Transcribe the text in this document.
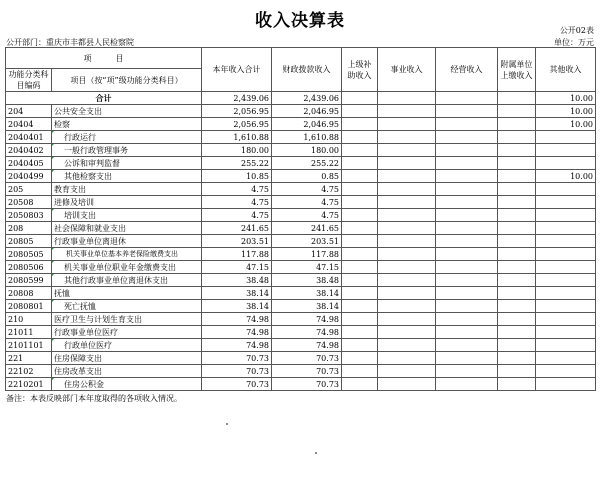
收入决算表	公开02表
公开部门：重庆市丰都县人民检察院	单位：万元
项　　　目		本年收入合计	财政拨款收入	上级补助收入	事业收入	经营收入	附属单位上缴收入	其他收入
功能分类科目编码	项目（按“项”级功能分类科目）							
合计		2,439.06	2,439.06					10.00
204	公共安全支出	2,056.95	2,046.95					10.00
20404	检察	2,056.95	2,046.95					10.00
2040401	行政运行	1,610.88	1,610.88					
2040402	一般行政管理事务	180.00	180.00					
2040405	公诉和审判监督	255.22	255.22					
2040499	其他检察支出	10.85	0.85					10.00
205	教育支出	4.75	4.75					
20508	进修及培训	4.75	4.75					
2050803	培训支出	4.75	4.75					
208	社会保障和就业支出	241.65	241.65					
20805	行政事业单位离退休	203.51	203.51					
2080505	机关事业单位基本养老保险缴费支出	117.88	117.88					
2080506	机关事业单位职业年金缴费支出	47.15	47.15					
2080599	其他行政事业单位离退休支出	38.48	38.48					
20808	抚恤	38.14	38.14					
2080801	死亡抚恤	38.14	38.14					
210	医疗卫生与计划生育支出	74.98	74.98					
21011	行政事业单位医疗	74.98	74.98					
2101101	行政单位医疗	74.98	74.98					
221	住房保障支出	70.73	70.73					
22102	住房改革支出	70.73	70.73					
2210201	住房公积金	70.73	70.73					
备注：本表反映部门本年度取得的各项收入情况。
